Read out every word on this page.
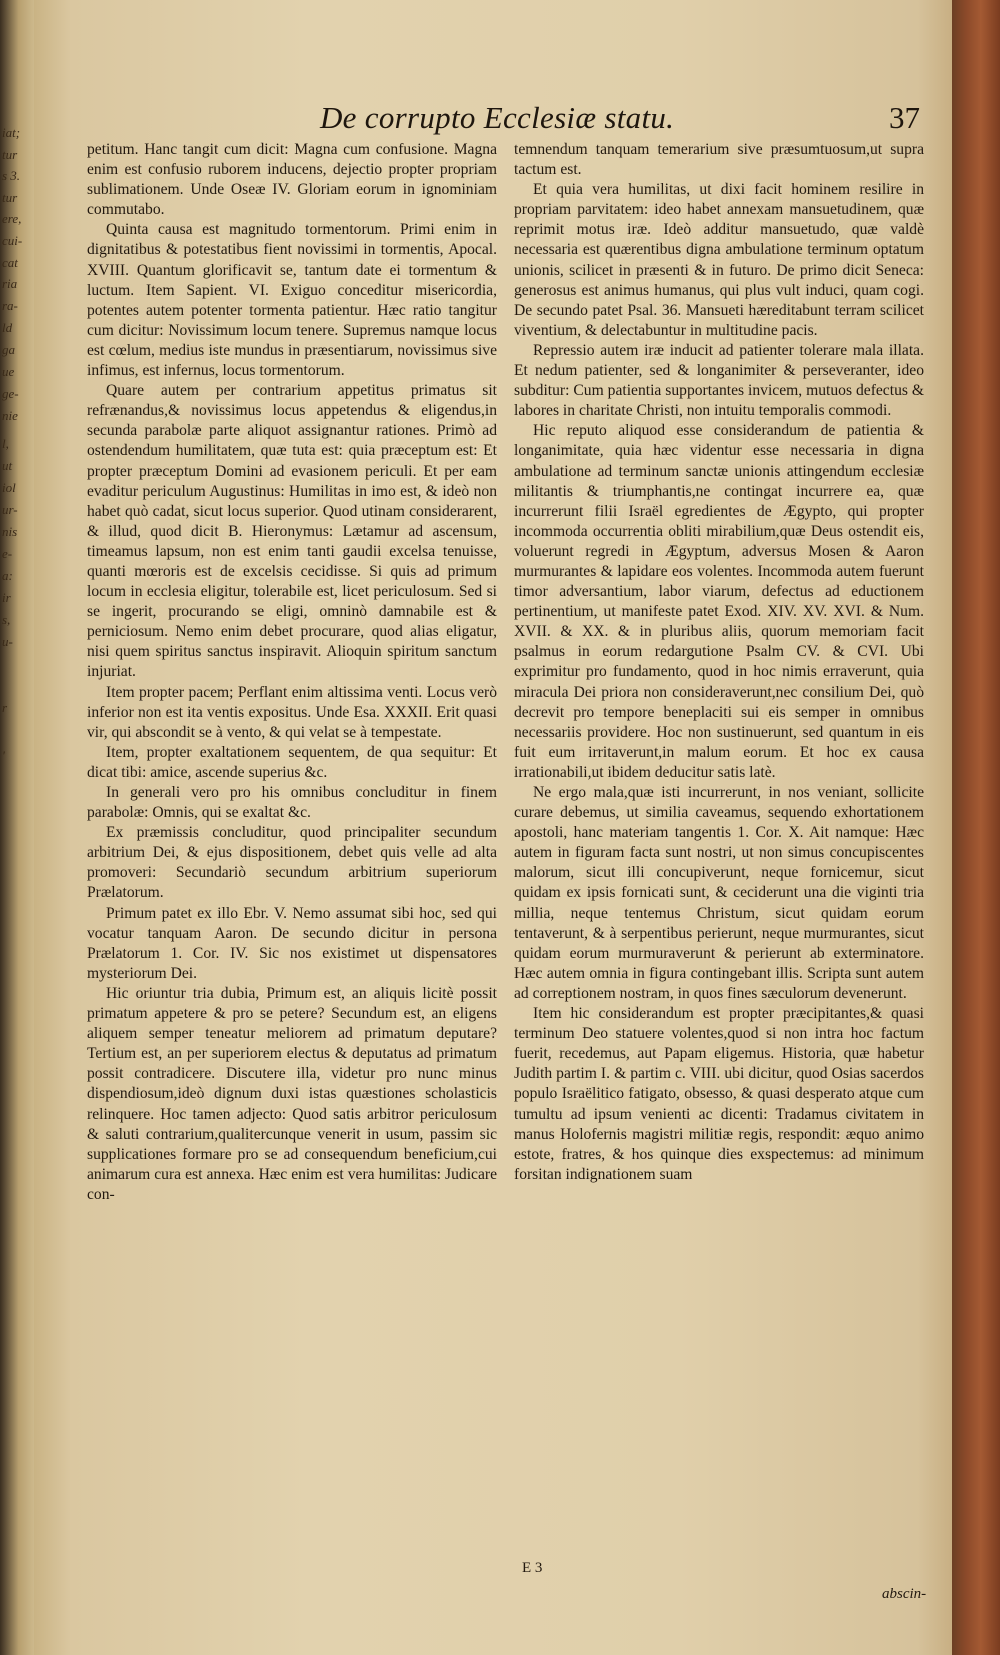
iat;
tur
s 3.
tur
ere,
cui-
cat
ria
ra-
ld
ga
ue
ge-
nie
l,
ut
iol
ur-
nis
e-
a:
ir
s,
u-
r
'
De corrupto Ecclesiæ statu.	37

petitum. Hanc tangit cum dicit: Magna cum confusione. Magna enim est confusio ruborem inducens, dejectio propter propriam sublimationem. Unde Oseæ IV. Gloriam eorum in ignominiam commutabo.

Quinta causa est magnitudo tormentorum. Primi enim in dignitatibus & potestatibus fient novissimi in tormentis, Apocal. XVIII. Quantum glorificavit se, tantum date ei tormentum & luctum. Item Sapient. VI. Exiguo conceditur misericordia, potentes autem potenter tormenta patientur. Hæc ratio tangitur cum dicitur: Novissimum locum tenere. Supremus namque locus est cœlum, medius iste mundus in præsentiarum, novissimus sive infimus, est infernus, locus tormentorum.

Quare autem per contrarium appetitus primatus sit refrænandus,& novissimus locus appetendus & eligendus,in secunda parabolæ parte aliquot assignantur rationes. Primò ad ostendendum humilitatem, quæ tuta est: quia præceptum est: Et propter præceptum Domini ad evasionem periculi. Et per eam evaditur periculum Augustinus: Humilitas in imo est, & ideò non habet quò cadat, sicut locus superior. Quod utinam considerarent, & illud, quod dicit B. Hieronymus: Lætamur ad ascensum, timeamus lapsum, non est enim tanti gaudii excelsa tenuisse, quanti mœroris est de excelsis cecidisse. Si quis ad primum locum in ecclesia eligitur, tolerabile est, licet periculosum. Sed si se ingerit, procurando se eligi, omninò damnabile est & perniciosum. Nemo enim debet procurare, quod alias eligatur, nisi quem spiritus sanctus inspiravit. Alioquin spiritum sanctum injuriat.

Item propter pacem; Perflant enim altissima venti. Locus verò inferior non est ita ventis expositus. Unde Esa. XXXII. Erit quasi vir, qui abscondit se à vento, & qui velat se à tempestate.

Item, propter exaltationem sequentem, de qua sequitur: Et dicat tibi: amice, ascende superius &c.

In generali vero pro his omnibus concluditur in finem parabolæ: Omnis, qui se exaltat &c.

Ex præmissis concluditur, quod principaliter secundum arbitrium Dei, & ejus dispositionem, debet quis velle ad alta promoveri: Secundariò secundum arbitrium superiorum Prælatorum.

Primum patet ex illo Ebr. V. Nemo assumat sibi hoc, sed qui vocatur tanquam Aaron. De secundo dicitur in persona Prælatorum 1. Cor. IV. Sic nos existimet ut dispensatores mysteriorum Dei.

Hic oriuntur tria dubia, Primum est, an aliquis licitè possit primatum appetere & pro se petere? Secundum est, an eligens aliquem semper teneatur meliorem ad primatum deputare? Tertium est, an per superiorem electus & deputatus ad primatum possit contradicere. Discutere illa, videtur pro nunc minus dispendiosum,ideò dignum duxi istas quæstiones scholasticis relinquere. Hoc tamen adjecto: Quod satis arbitror periculosum & saluti contrarium,qualitercunque venerit in usum, passim sic supplicationes formare pro se ad consequendum beneficium,cui animarum cura est annexa. Hæc enim est vera humilitas: Judicare con-

temnendum tanquam temerarium sive præsumtuosum,ut supra tactum est.

Et quia vera humilitas, ut dixi facit hominem resilire in propriam parvitatem: ideo habet annexam mansuetudinem, quæ reprimit motus iræ. Ideò additur mansuetudo, quæ valdè necessaria est quærentibus digna ambulatione terminum optatum unionis, scilicet in præsenti & in futuro. De primo dicit Seneca: generosus est animus humanus, qui plus vult induci, quam cogi. De secundo patet Psal. 36. Mansueti hæreditabunt terram scilicet viventium, & delectabuntur in multitudine pacis.

Repressio autem iræ inducit ad patienter tolerare mala illata. Et nedum patienter, sed & longanimiter & perseveranter, ideo subditur: Cum patientia supportantes invicem, mutuos defectus & labores in charitate Christi, non intuitu temporalis commodi.

Hic reputo aliquod esse considerandum de patientia & longanimitate, quia hæc videntur esse necessaria in digna ambulatione ad terminum sanctæ unionis attingendum ecclesiæ militantis & triumphantis,ne contingat incurrere ea, quæ incurrerunt filii Israël egredientes de Ægypto, qui propter incommoda occurrentia obliti mirabilium,quæ Deus ostendit eis, voluerunt regredi in Ægyptum, adversus Mosen & Aaron murmurantes & lapidare eos volentes. Incommoda autem fuerunt timor adversantium, labor viarum, defectus ad eductionem pertinentium, ut manifeste patet Exod. XIV. XV. XVI. & Num. XVII. & XX. & in pluribus aliis, quorum memoriam facit psalmus in eorum redargutione Psalm CV. & CVI. Ubi exprimitur pro fundamento, quod in hoc nimis erraverunt, quia miracula Dei priora non consideraverunt,nec consilium Dei, quò decrevit pro tempore beneplaciti sui eis semper in omnibus necessariis providere. Hoc non sustinuerunt, sed quantum in eis fuit eum irritaverunt,in malum eorum. Et hoc ex causa irrationabili,ut ibidem deducitur satis latè.

Ne ergo mala,quæ isti incurrerunt, in nos veniant, sollicite curare debemus, ut similia caveamus, sequendo exhortationem apostoli, hanc materiam tangentis 1. Cor. X. Ait namque: Hæc autem in figuram facta sunt nostri, ut non simus concupiscentes malorum, sicut illi concupiverunt, neque fornicemur, sicut quidam ex ipsis fornicati sunt, & ceciderunt una die viginti tria millia, neque tentemus Christum, sicut quidam eorum tentaverunt, & à serpentibus perierunt, neque murmurantes, sicut quidam eorum murmuraverunt & perierunt ab exterminatore. Hæc autem omnia in figura contingebant illis. Scripta sunt autem ad correptionem nostram, in quos fines sæculorum devenerunt.

Item hic considerandum est propter præcipitantes,& quasi terminum Deo statuere volentes,quod si non intra hoc factum fuerit, recedemus, aut Papam eligemus. Historia, quæ habetur Judith partim I. & partim c. VIII. ubi dicitur, quod Osias sacerdos populo Israëlitico fatigato, obsesso, & quasi desperato atque cum tumultu ad ipsum venienti ac dicenti: Tradamus civitatem in manus Holofernis magistri militiæ regis, respondit: æquo animo estote, fratres, & hos quinque dies exspectemus: ad minimum forsitan indignationem suam

E 3
abscin-
